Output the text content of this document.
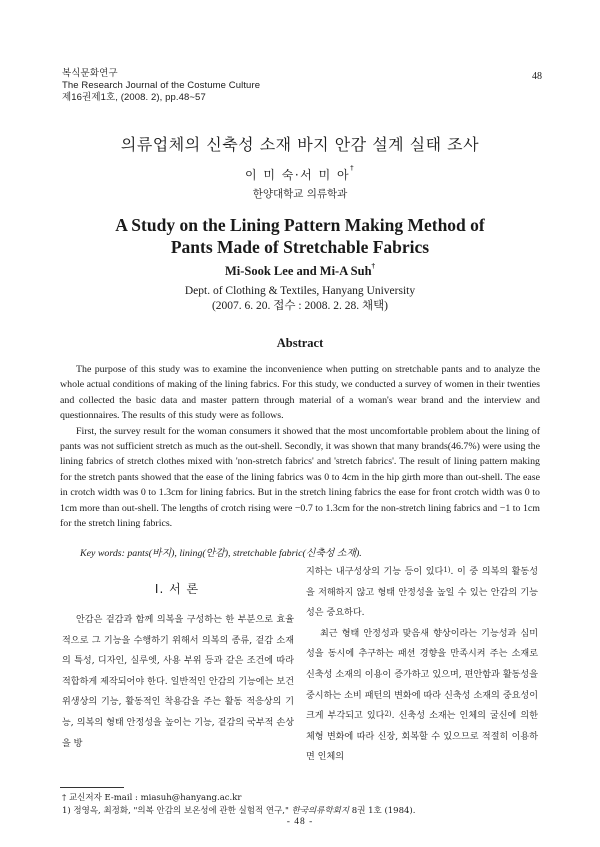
복식문화연구
The Research Journal of the Costume Culture
제16권제1호, (2008. 2), pp.48~57
48
의류업체의 신축성 소재 바지 안감 설계 실태 조사
이 미 숙·서 미 아†
한양대학교 의류학과
A Study on the Lining Pattern Making Method of
Pants Made of Stretchable Fabrics
Mi-Sook Lee and Mi-A Suh†
Dept. of Clothing & Textiles, Hanyang University
(2007. 6. 20. 접수 : 2008. 2. 28. 채택)
Abstract

The purpose of this study was to examine the inconvenience when putting on stretchable pants and to analyze the whole actual conditions of making of the lining fabrics. For this study, we conducted a survey of women in their twenties and collected the basic data and master pattern through material of a woman's wear brand and the interview and questionnaires. The results of this study were as follows.

First, the survey result for the woman consumers it showed that the most uncomfortable problem about the lining of pants was not sufficient stretch as much as the out-shell. Secondly, it was shown that many brands(46.7%) were using the lining fabrics of stretch clothes mixed with 'non-stretch fabrics' and 'stretch fabrics'. The result of lining pattern making for the stretch pants showed that the ease of the lining fabrics was 0 to 4cm in the hip girth more than out-shell. The ease in crotch width was 0 to 1.3cm for lining fabrics. But in the stretch lining fabrics the ease for front crotch width was 0 to 1cm more than out-shell. The lengths of crotch rising were −0.7 to 1.3cm for the non-stretch lining fabrics and −1 to 1cm for the stretch lining fabrics.

Key words: pants(바지), lining(안감), stretchable fabric(신축성 소재).
Ⅰ. 서 론

안감은 겉감과 함께 의복을 구성하는 한 부분으로 효율적으로 그 기능을 수행하기 위해서 의복의 종류, 겉감 소재의 특성, 디자인, 실루엣, 사용 부위 등과 같은 조건에 따라 적합하게 제작되어야 한다. 일반적인 안감의 기능에는 보건위생상의 기능, 활동적인 착용감을 주는 활동 적응상의 기능, 의복의 형태 안정성을 높이는 기능, 겉감의 국부적 손상을 방

지하는 내구성상의 기능 등이 있다$^{1)}$. 이 중 의복의 활동성을 저해하지 않고 형태 안정성을 높일 수 있는 안감의 기능성은 중요하다.

최근 형태 안정성과 맞음새 향상이라는 기능성과 심미성을 동시에 추구하는 패션 경향을 만족시켜 주는 소재로 신축성 소재의 이용이 증가하고 있으며, 편안함과 활동성을 중시하는 소비 패턴의 변화에 따라 신축성 소재의 중요성이 크게 부각되고 있다$^{2)}$. 신축성 소재는 인체의 굴신에 의한 체형 변화에 따라 신장, 회복할 수 있으므로 적절히 이용하면 인체의

† 교신저자 E-mail : miasuh@hanyang.ac.kr
1) 정영옥, 최정화, "의복 안감의 보온성에 관한 실험적 연구," 한국의류학회지 8권 1호 (1984).
- 48 -
